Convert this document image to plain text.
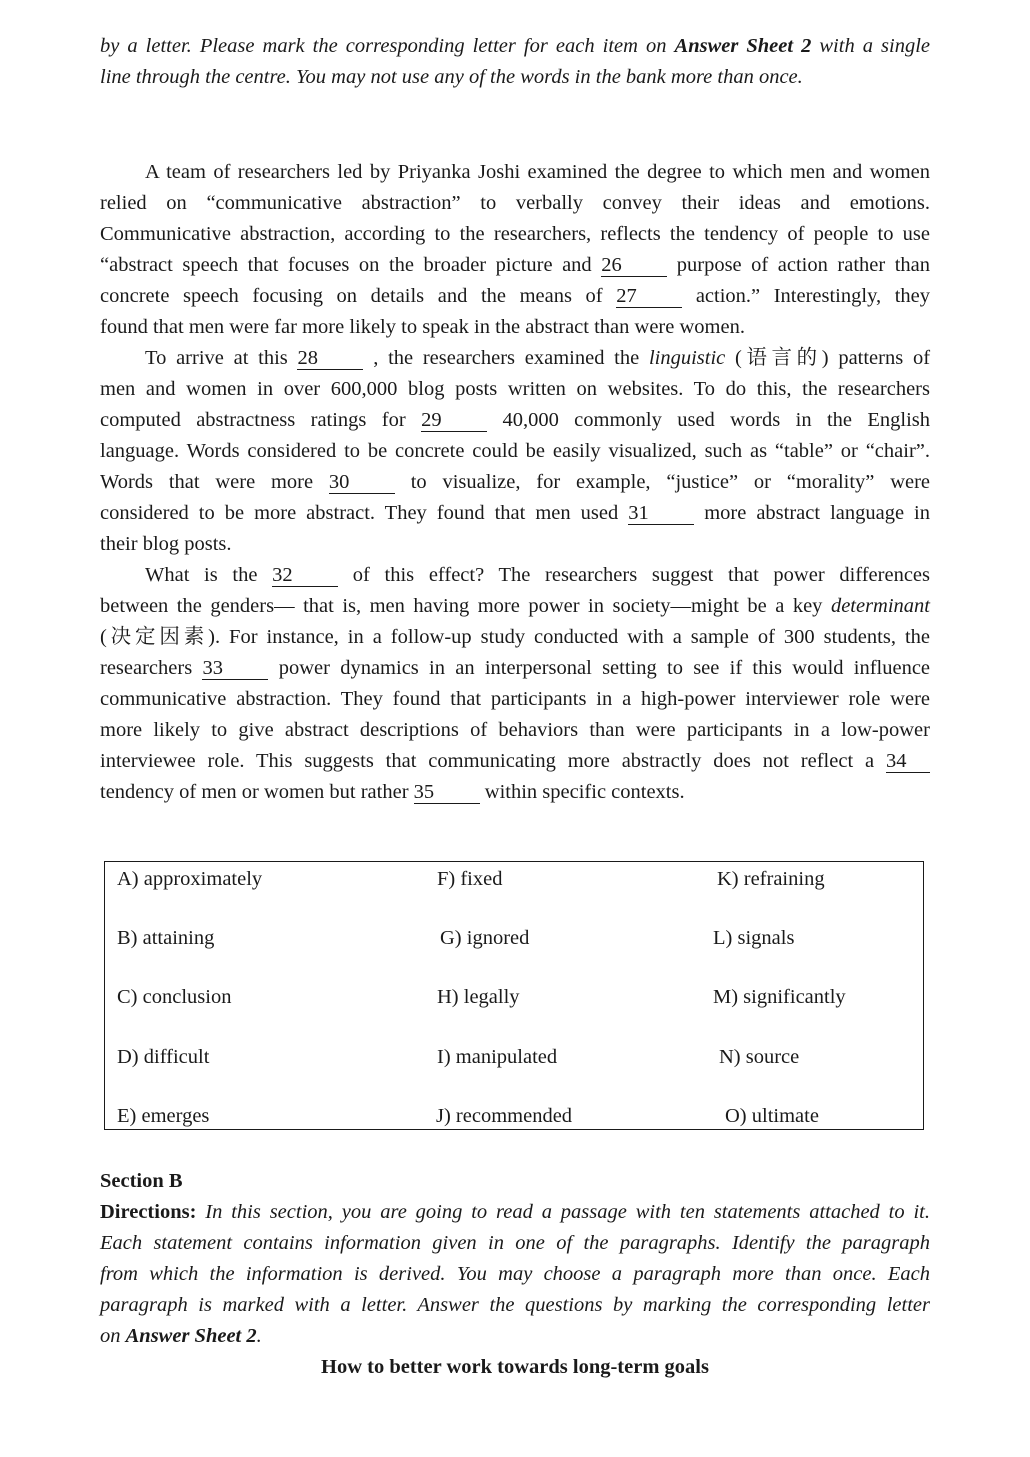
by a letter. Please mark the corresponding letter for each item on Answer Sheet 2 with a single
line through the centre. You may not use any of the words in the bank more than once.
A team of researchers led by Priyanka Joshi examined the degree to which men and women
relied on “communicative abstraction” to verbally convey their ideas and emotions.
Communicative abstraction, according to the researchers, reflects the tendency of people to use
“abstract speech that focuses on the broader picture and 26	purpose of action rather than
concrete speech focusing on details and the means of 27	action.” Interestingly, they
found that men were far more likely to speak in the abstract than were women.
To arrive at this 28	, the researchers examined the linguistic (语言的) patterns of
men and women in over 600,000 blog posts written on websites. To do this, the researchers
computed abstractness ratings for 29	40,000 commonly used words in the English
language. Words considered to be concrete could be easily visualized, such as “table” or “chair”.
Words that were more 30	to visualize, for example, “justice” or “morality” were
considered to be more abstract. They found that men used 31	more abstract language in
their blog posts.
What is the 32	of this effect? The researchers suggest that power differences
between the genders— that is, men having more power in society—might be a key determinant
(决定因素). For instance, in a follow-up study conducted with a sample of 300 students, the
researchers 33	power dynamics in an interpersonal setting to see if this would influence
communicative abstraction. They found that participants in a high-power interviewer role were
more likely to give abstract descriptions of behaviors than were participants in a low-power
interviewee role. This suggests that communicating more abstractly does not reflect a 34
tendency of men or women but rather 35 within specific contexts.
A) approximately	F) fixed	K) refraining
B) attaining	G) ignored	L) signals
C) conclusion	H) legally	M) significantly
D) difficult	I) manipulated	N) source
E) emerges	J) recommended	O) ultimate
Section B
Directions: In this section, you are going to read a passage with ten statements attached to it.
Each statement contains information given in one of the paragraphs. Identify the paragraph
from which the information is derived. You may choose a paragraph more than once. Each
paragraph is marked with a letter. Answer the questions by marking the corresponding letter
on Answer Sheet 2.
How to better work towards long-term goals
